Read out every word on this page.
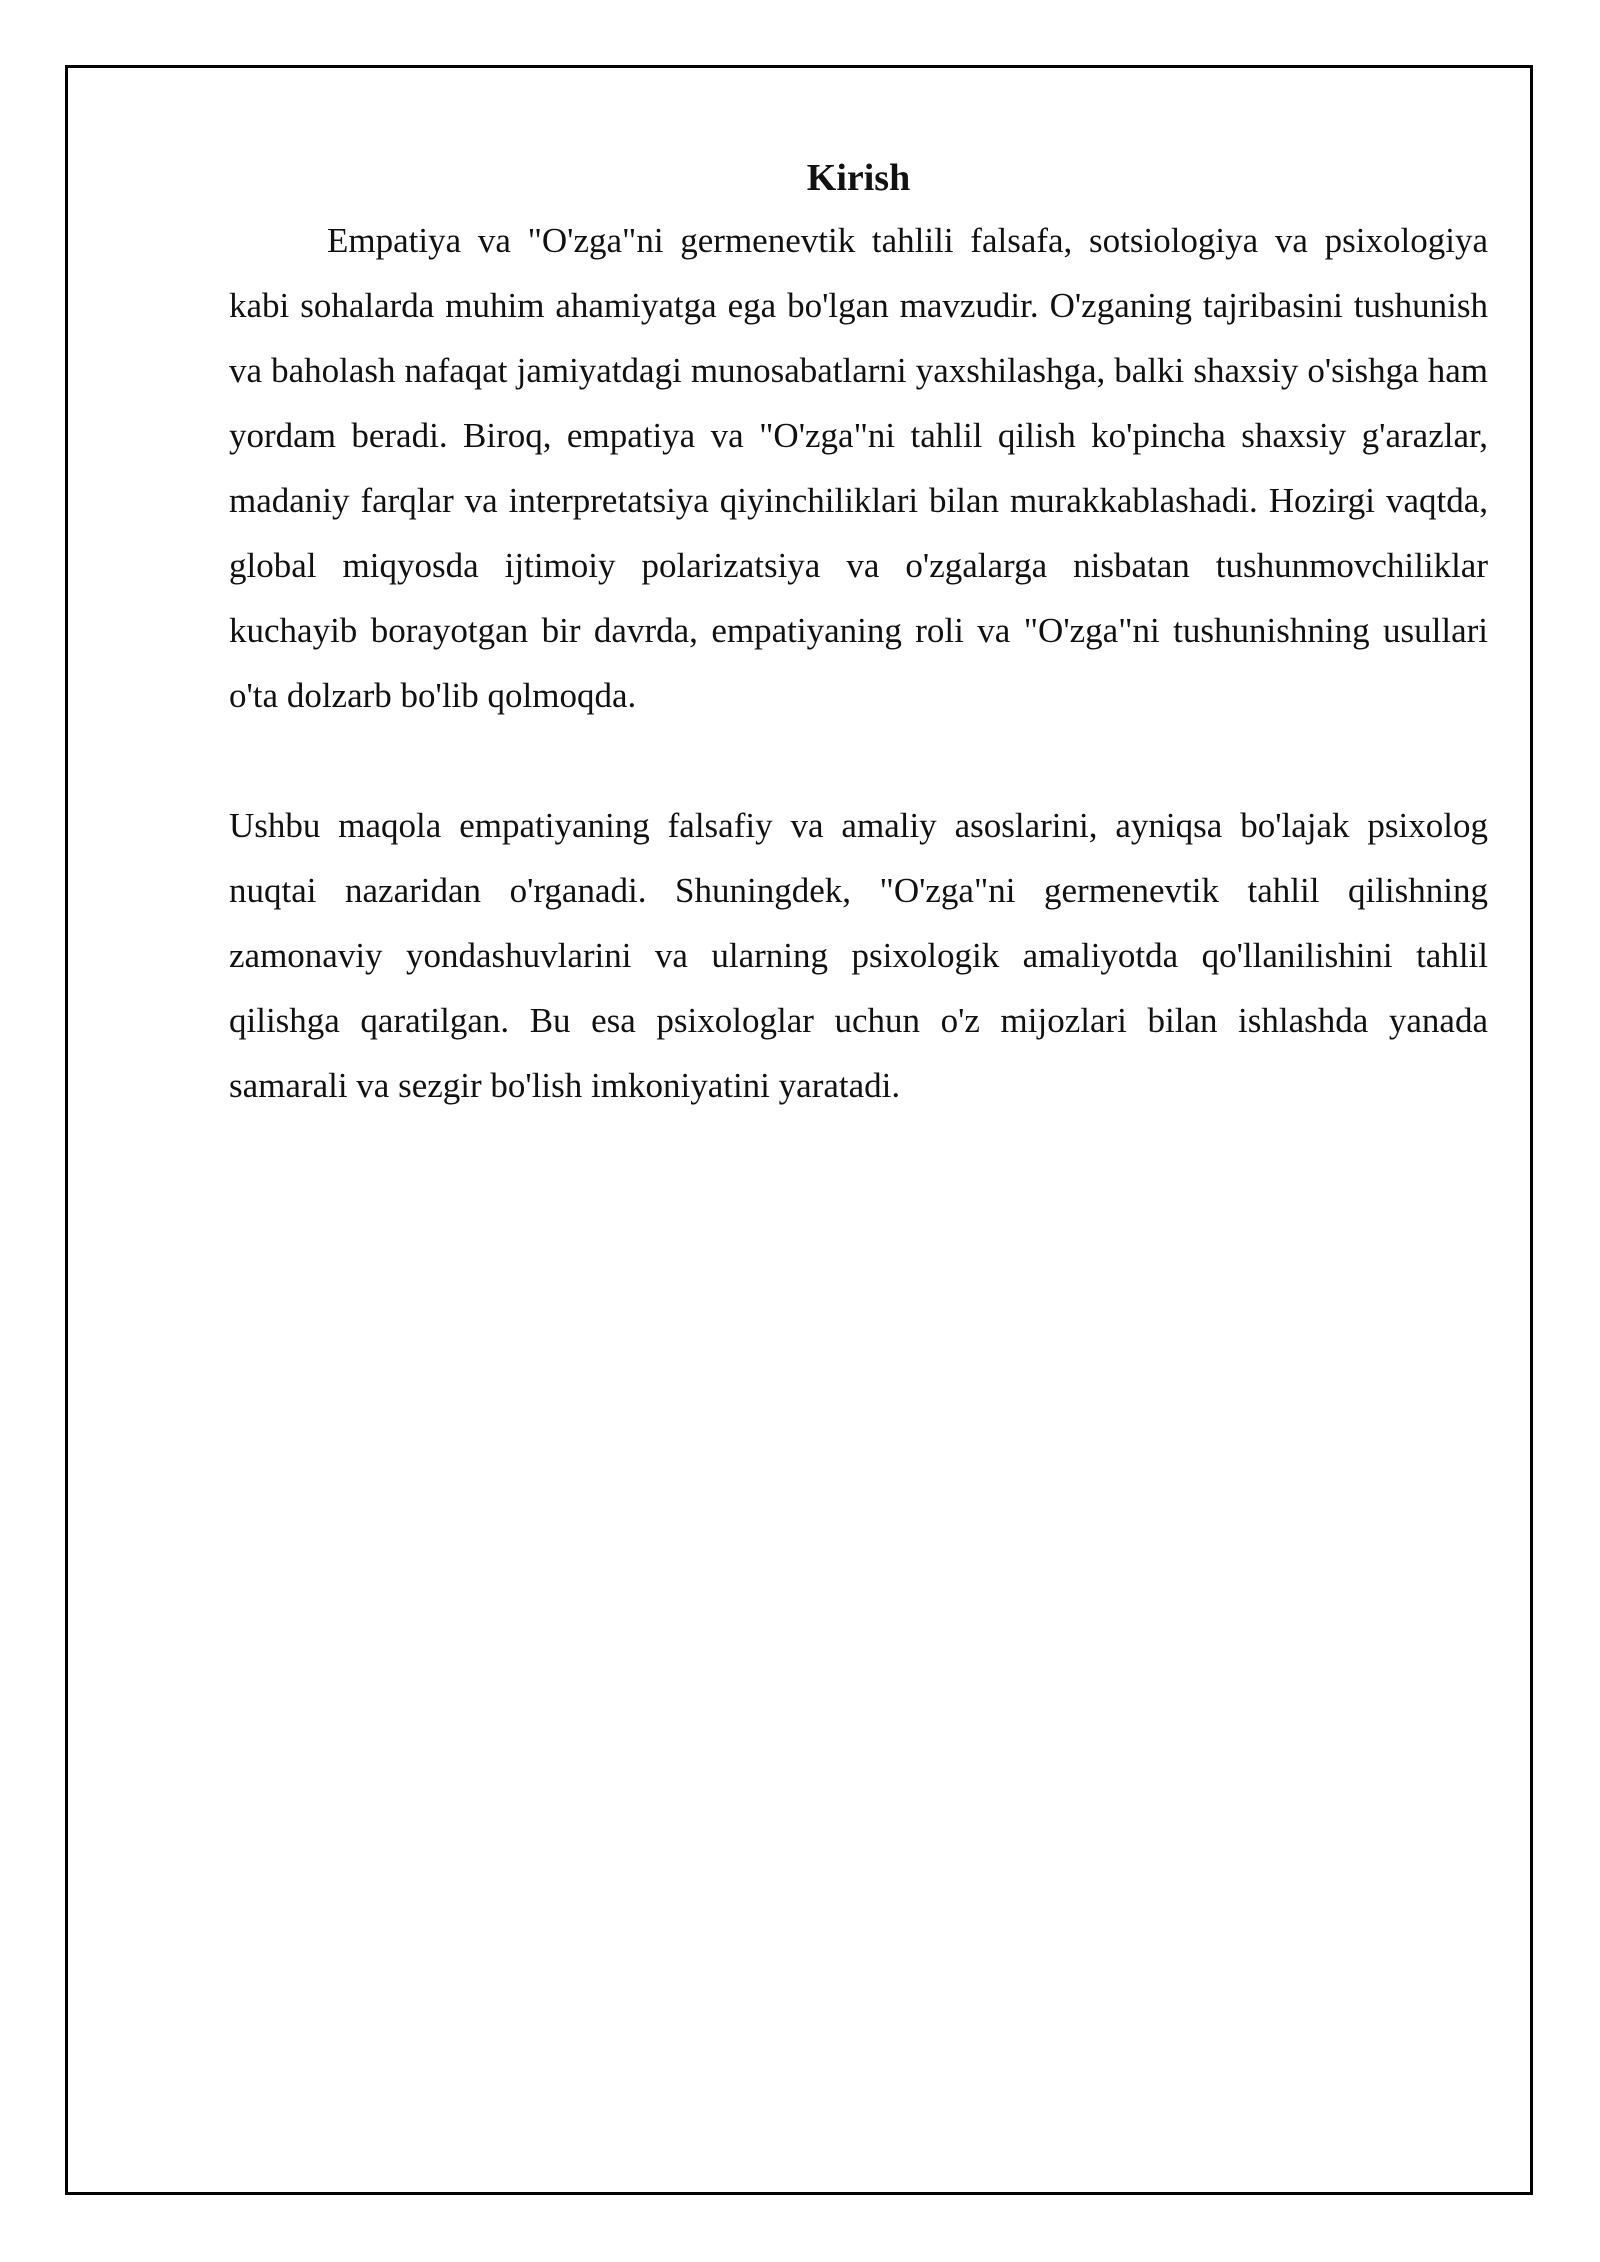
Kirish

Empatiya va "O'zga"ni germenevtik tahlili falsafa, sotsiologiya va psixologiya kabi sohalarda muhim ahamiyatga ega bo'lgan mavzudir. O'zganing tajribasini tushunish va baholash nafaqat jamiyatdagi munosabatlarni yaxshilashga, balki shaxsiy o'sishga ham yordam beradi. Biroq, empatiya va "O'zga"ni tahlil qilish ko'pincha shaxsiy g'arazlar, madaniy farqlar va interpretatsiya qiyinchiliklari bilan murakkablashadi. Hozirgi vaqtda, global miqyosda ijtimoiy polarizatsiya va o'zgalarga nisbatan tushunmovchiliklar kuchayib borayotgan bir davrda, empatiyaning roli va "O'zga"ni tushunishning usullari o'ta dolzarb bo'lib qolmoqda.

Ushbu maqola empatiyaning falsafiy va amaliy asoslarini, ayniqsa bo'lajak psixolog nuqtai nazaridan o'rganadi. Shuningdek, "O'zga"ni germenevtik tahlil qilishning zamonaviy yondashuvlarini va ularning psixologik amaliyotda qo'llanilishini tahlil qilishga qaratilgan. Bu esa psixologlar uchun o'z mijozlari bilan ishlashda yanada samarali va sezgir bo'lish imkoniyatini yaratadi.
